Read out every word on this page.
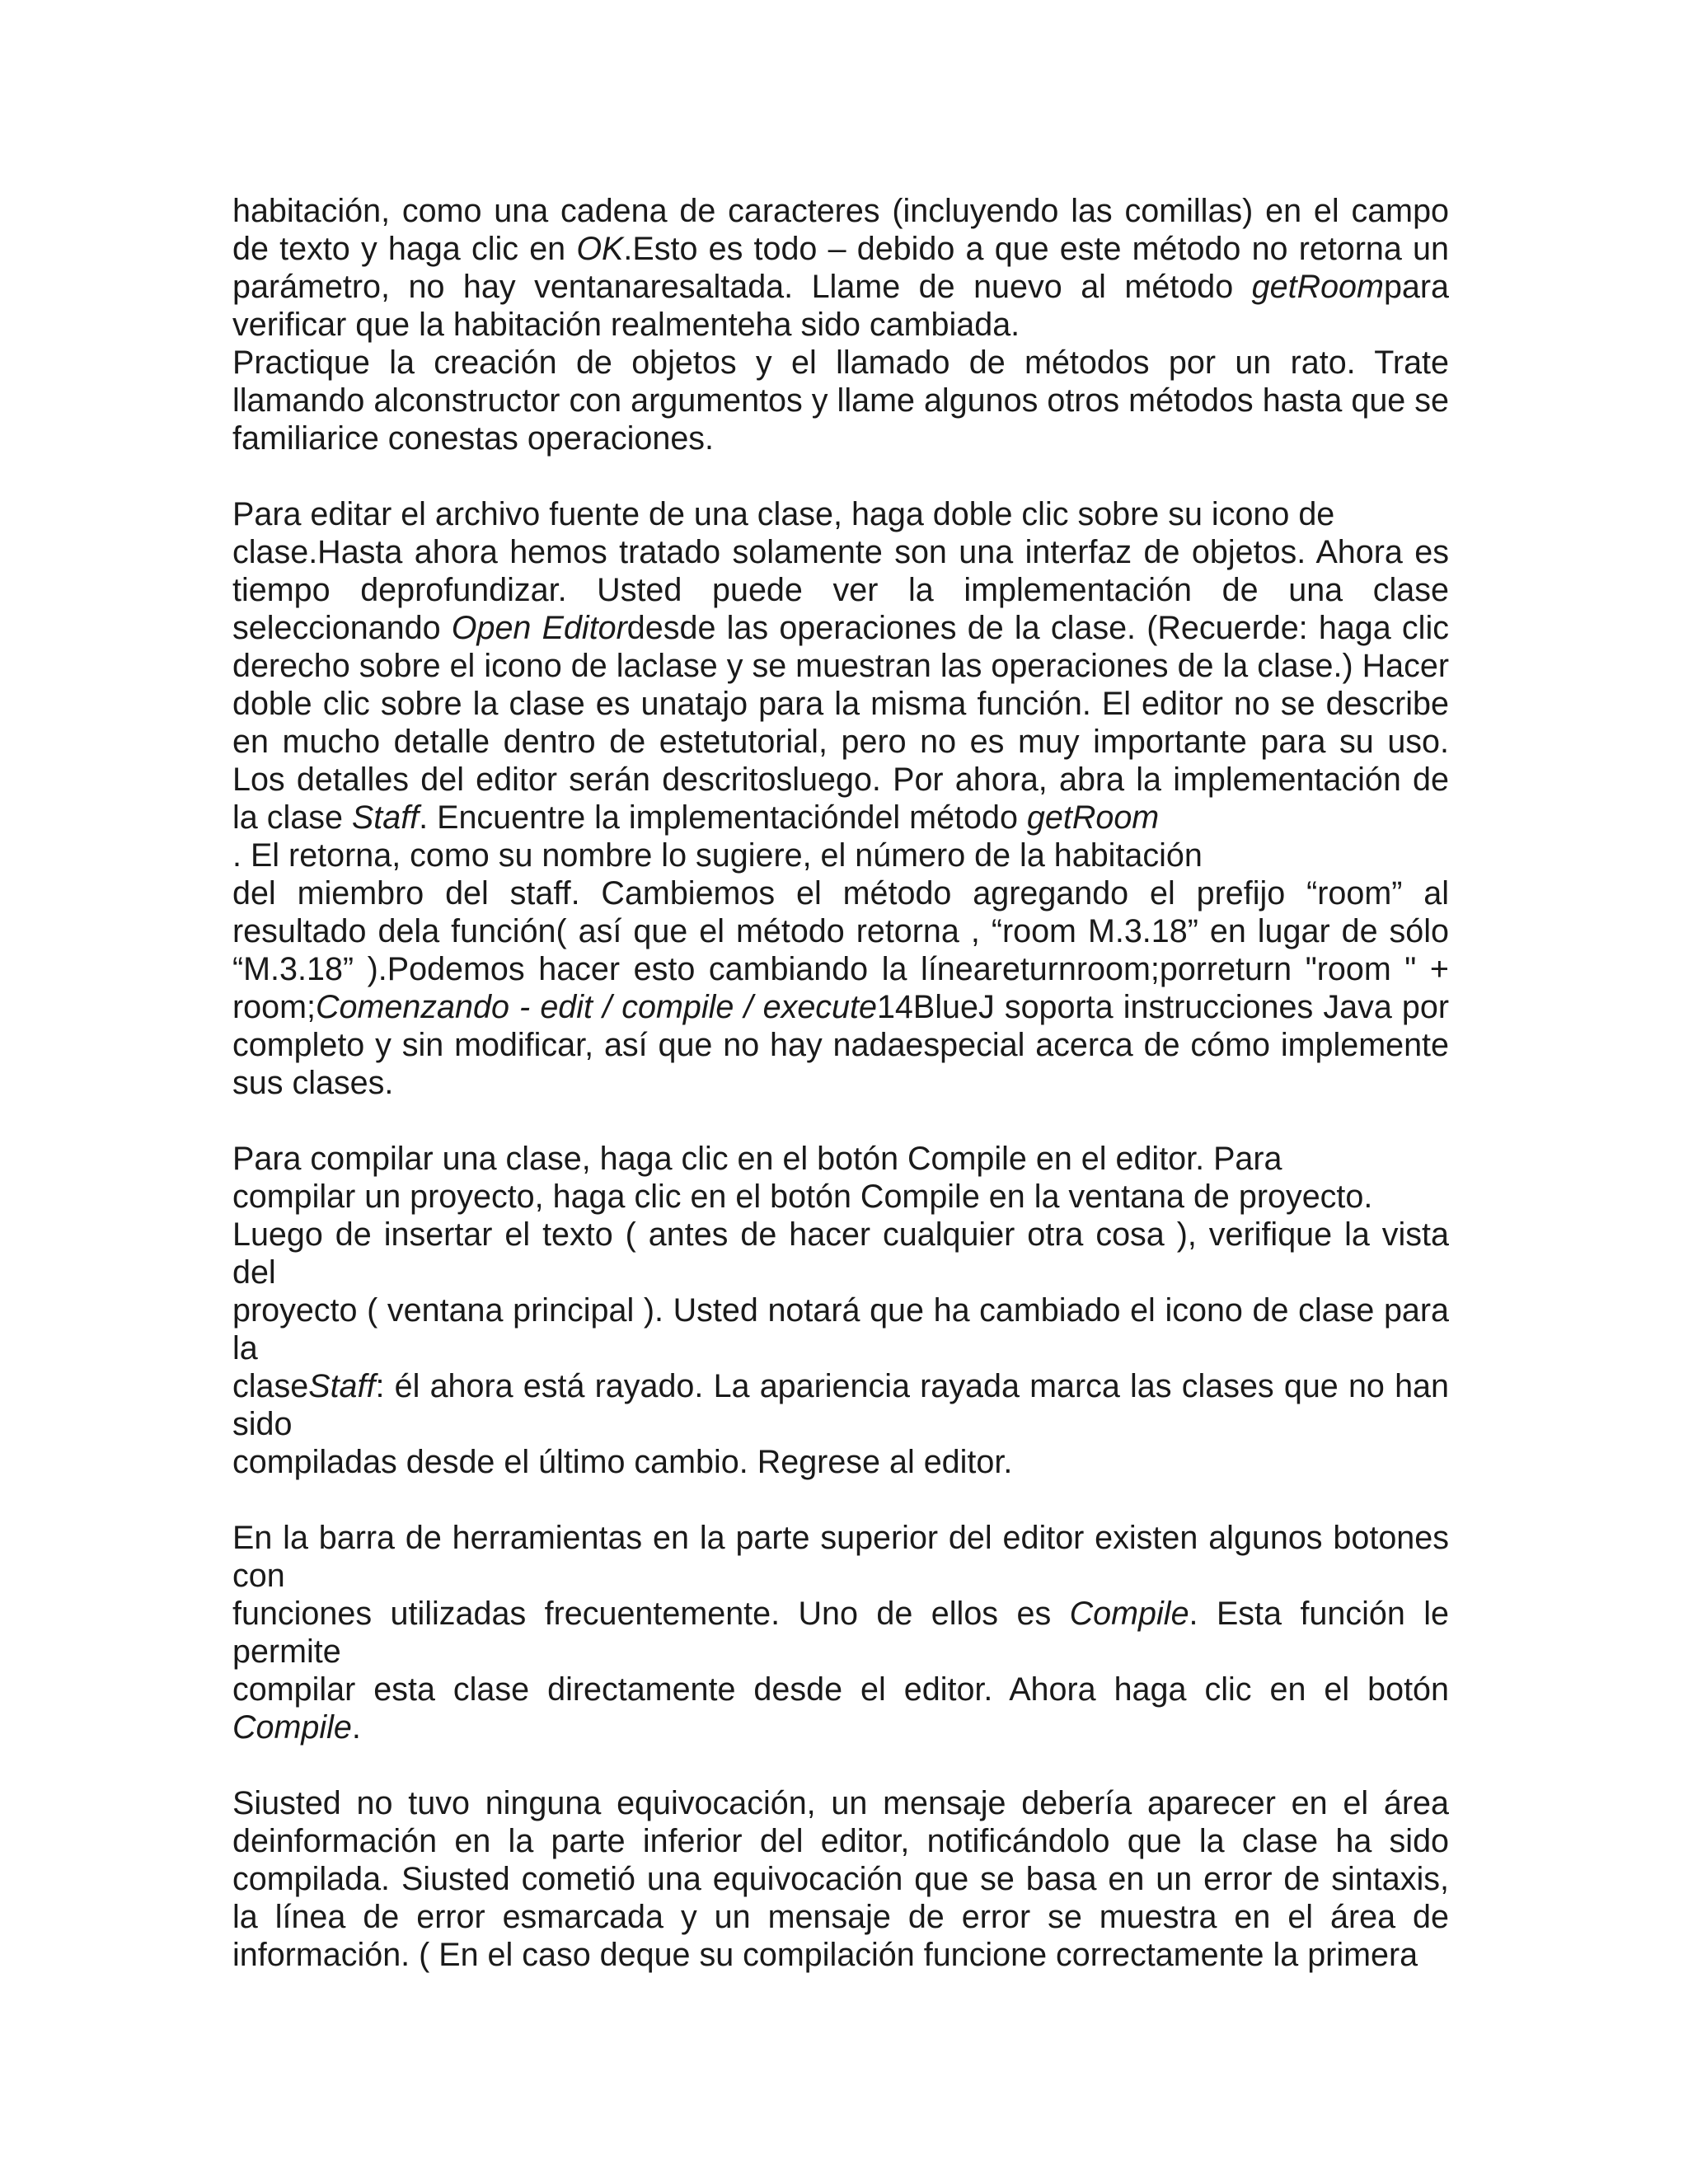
habitación, como una cadena de caracteres (incluyendo las comillas) en el campo de texto y haga clic en OK.Esto es todo – debido a que este método no retorna un parámetro, no hay ventanaresaltada. Llame de nuevo al método getRoompara verificar que la habitación realmenteha sido cambiada.

Practique la creación de objetos y el llamado de métodos por un rato. Trate llamando alconstructor con argumentos y llame algunos otros métodos hasta que se familiarice conestas operaciones.

Para editar el archivo fuente de una clase, haga doble clic sobre su icono de
clase.Hasta ahora hemos tratado solamente son una interfaz de objetos. Ahora es tiempo deprofundizar. Usted puede ver la implementación de una clase seleccionando Open Editordesde las operaciones de la clase. (Recuerde: haga clic derecho sobre el icono de laclase y se muestran las operaciones de la clase.) Hacer doble clic sobre la clase es unatajo para la misma función. El editor no se describe en mucho detalle dentro de estetutorial, pero no es muy importante para su uso. Los detalles del editor serán descritosluego. Por ahora, abra la implementación de la clase Staff. Encuentre la implementacióndel método getRoom
. El retorna, como su nombre lo sugiere, el número de la habitación
del miembro del staff. Cambiemos el método agregando el prefijo “room” al resultado dela función( así que el método retorna , “room M.3.18” en lugar de sólo “M.3.18” ).Podemos hacer esto cambiando la líneareturnroom;porreturn "room " + room;Comenzando - edit / compile / execute14BlueJ soporta instrucciones Java por completo y sin modificar, así que no hay nadaespecial acerca de cómo implemente sus clases.

Para compilar una clase, haga clic en el botón Compile en el editor. Para
compilar un proyecto, haga clic en el botón Compile en la ventana de proyecto.
Luego de insertar el texto ( antes de hacer cualquier otra cosa ), verifique la vista del
proyecto ( ventana principal ). Usted notará que ha cambiado el icono de clase para la
claseStaff: él ahora está rayado. La apariencia rayada marca las clases que no han sido
compiladas desde el último cambio. Regrese al editor.

En la barra de herramientas en la parte superior del editor existen algunos botones con
funciones utilizadas frecuentemente. Uno de ellos es Compile. Esta función le permite
compilar esta clase directamente desde el editor. Ahora haga clic en el botón Compile.

Siusted no tuvo ninguna equivocación, un mensaje debería aparecer en el área deinformación en la parte inferior del editor, notificándolo que la clase ha sido compilada. Siusted cometió una equivocación que se basa en un error de sintaxis, la línea de error esmarcada y un mensaje de error se muestra en el área de información. ( En el caso deque su compilación funcione correctamente la primera
